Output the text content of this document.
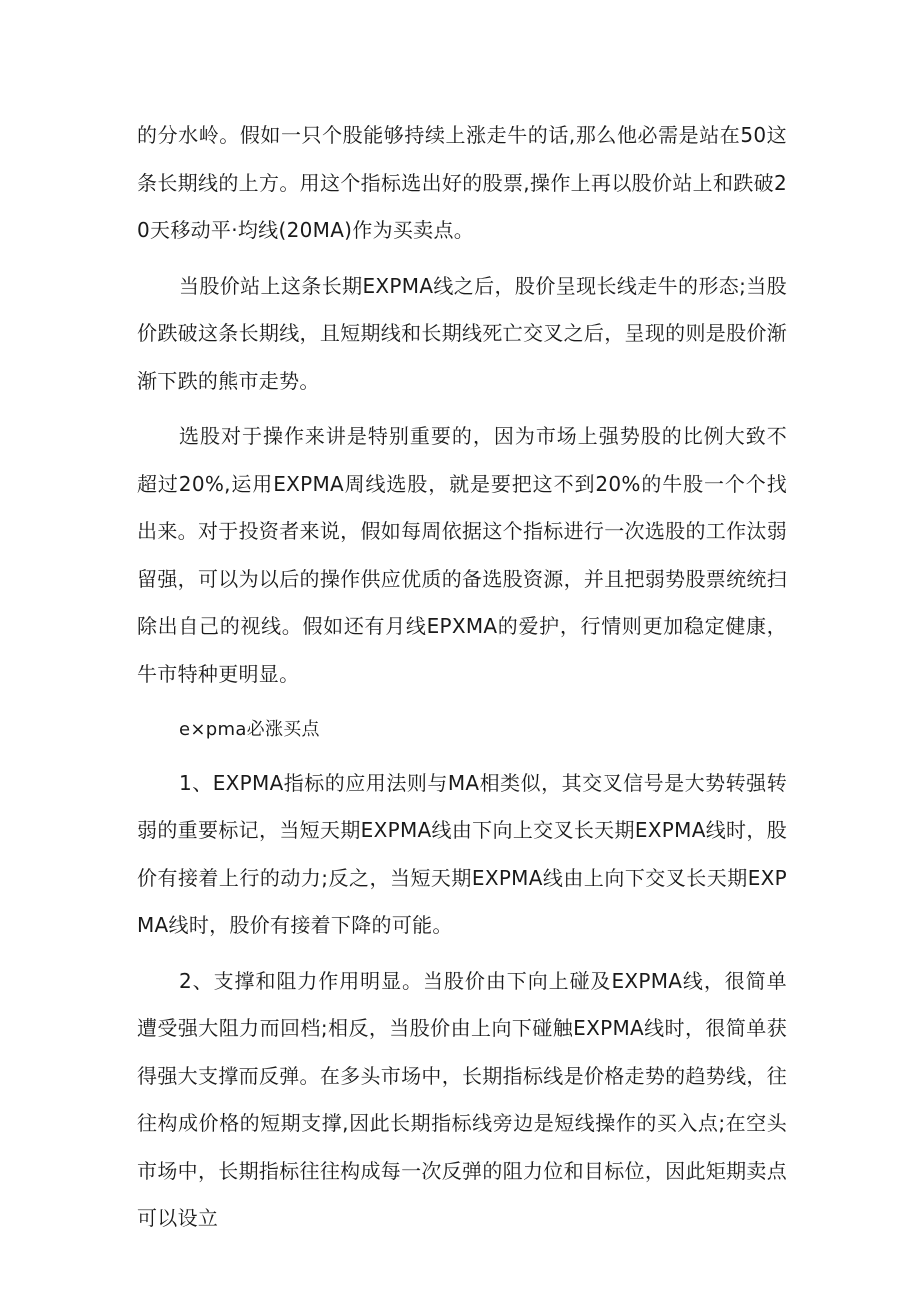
的分水岭。假如一只个股能够持续上涨走牛的话,那么他必需是站在50这条长期线的上方。用这个指标选出好的股票,操作上再以股价站上和跌破20天移动平·均线(20MA)作为买卖点。

当股价站上这条长期EXPMA线之后，股价呈现长线走牛的形态;当股价跌破这条长期线，且短期线和长期线死亡交叉之后，呈现的则是股价渐渐下跌的熊市走势。

选股对于操作来讲是特别重要的，因为市场上强势股的比例大致不超过20%,运用EXPMA周线选股，就是要把这不到20%的牛股一个个找出来。对于投资者来说，假如每周依据这个指标进行一次选股的工作汰弱留强，可以为以后的操作供应优质的备选股资源，并且把弱势股票统统扫除出自己的视线。假如还有月线EPXMA的爱护，行情则更加稳定健康，牛市特种更明显。

e×pma必涨买点

1、EXPMA指标的应用法则与MA相类似，其交叉信号是大势转强转弱的重要标记，当短天期EXPMA线由下向上交叉长天期EXPMA线时，股价有接着上行的动力;反之，当短天期EXPMA线由上向下交叉长天期EXPMA线时，股价有接着下降的可能。

2、支撑和阻力作用明显。当股价由下向上碰及EXPMA线，很简单遭受强大阻力而回档;相反，当股价由上向下碰触EXPMA线时，很简单获得强大支撑而反弹。在多头市场中，长期指标线是价格走势的趋势线，往往构成价格的短期支撑,因此长期指标线旁边是短线操作的买入点;在空头市场中，长期指标往往构成每一次反弹的阻力位和目标位，因此矩期卖点可以设立
